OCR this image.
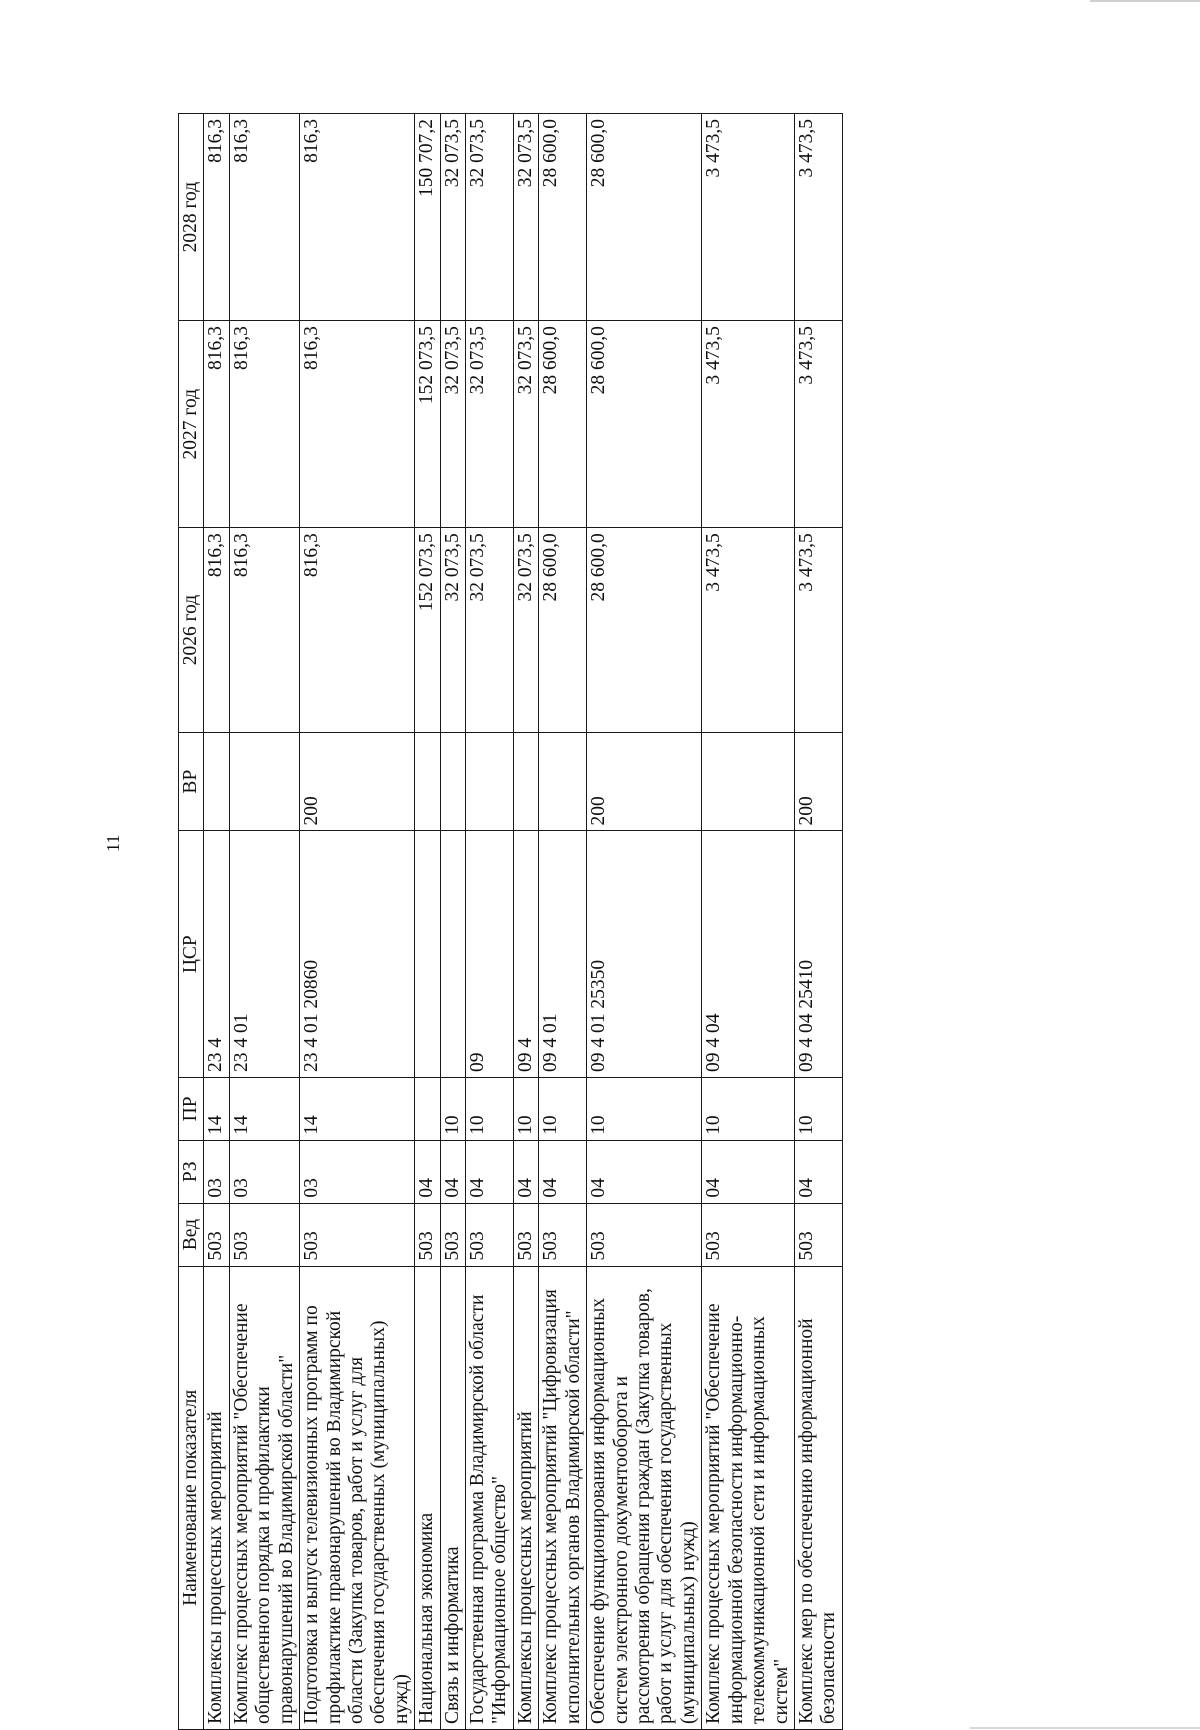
11
Наименование показателя	Вед	РЗ	ПР	ЦСР	ВР	2026 год	2027 год	2028 год
Комплексы процессных мероприятий	503	03	14	23 4		816,3	816,3	816,3
Комплекс процессных мероприятий "Обеспечение общественного порядка и профилактики правонарушений во Владимирской области"	503	03	14	23 4 01		816,3	816,3	816,3
Подготовка и выпуск телевизионных программ по профилактике правонарушений во Владимирской области (Закупка товаров, работ и услуг для обеспечения государственных (муниципальных) нужд)	503	03	14	23 4 01 20860	200	816,3	816,3	816,3
Национальная экономика	503	04				152 073,5	152 073,5	150 707,2
Связь и информатика	503	04	10			32 073,5	32 073,5	32 073,5
Государственная программа Владимирской области "Информационное общество"	503	04	10	09		32 073,5	32 073,5	32 073,5
Комплексы процессных мероприятий	503	04	10	09 4		32 073,5	32 073,5	32 073,5
Комплекс процессных мероприятий "Цифровизация исполнительных органов Владимирской области"	503	04	10	09 4 01		28 600,0	28 600,0	28 600,0
Обеспечение функционирования информационных систем электронного документооборота и рассмотрения обращения граждан (Закупка товаров, работ и услуг для обеспечения государственных (муниципальных) нужд)	503	04	10	09 4 01 25350	200	28 600,0	28 600,0	28 600,0
Комплекс процессных мероприятий "Обеспечение информационной безопасности информационно-телекоммуникационной сети и информационных систем"	503	04	10	09 4 04		3 473,5	3 473,5	3 473,5
Комплекс мер по обеспечению информационной безопасности	503	04	10	09 4 04 25410	200	3 473,5	3 473,5	3 473,5
